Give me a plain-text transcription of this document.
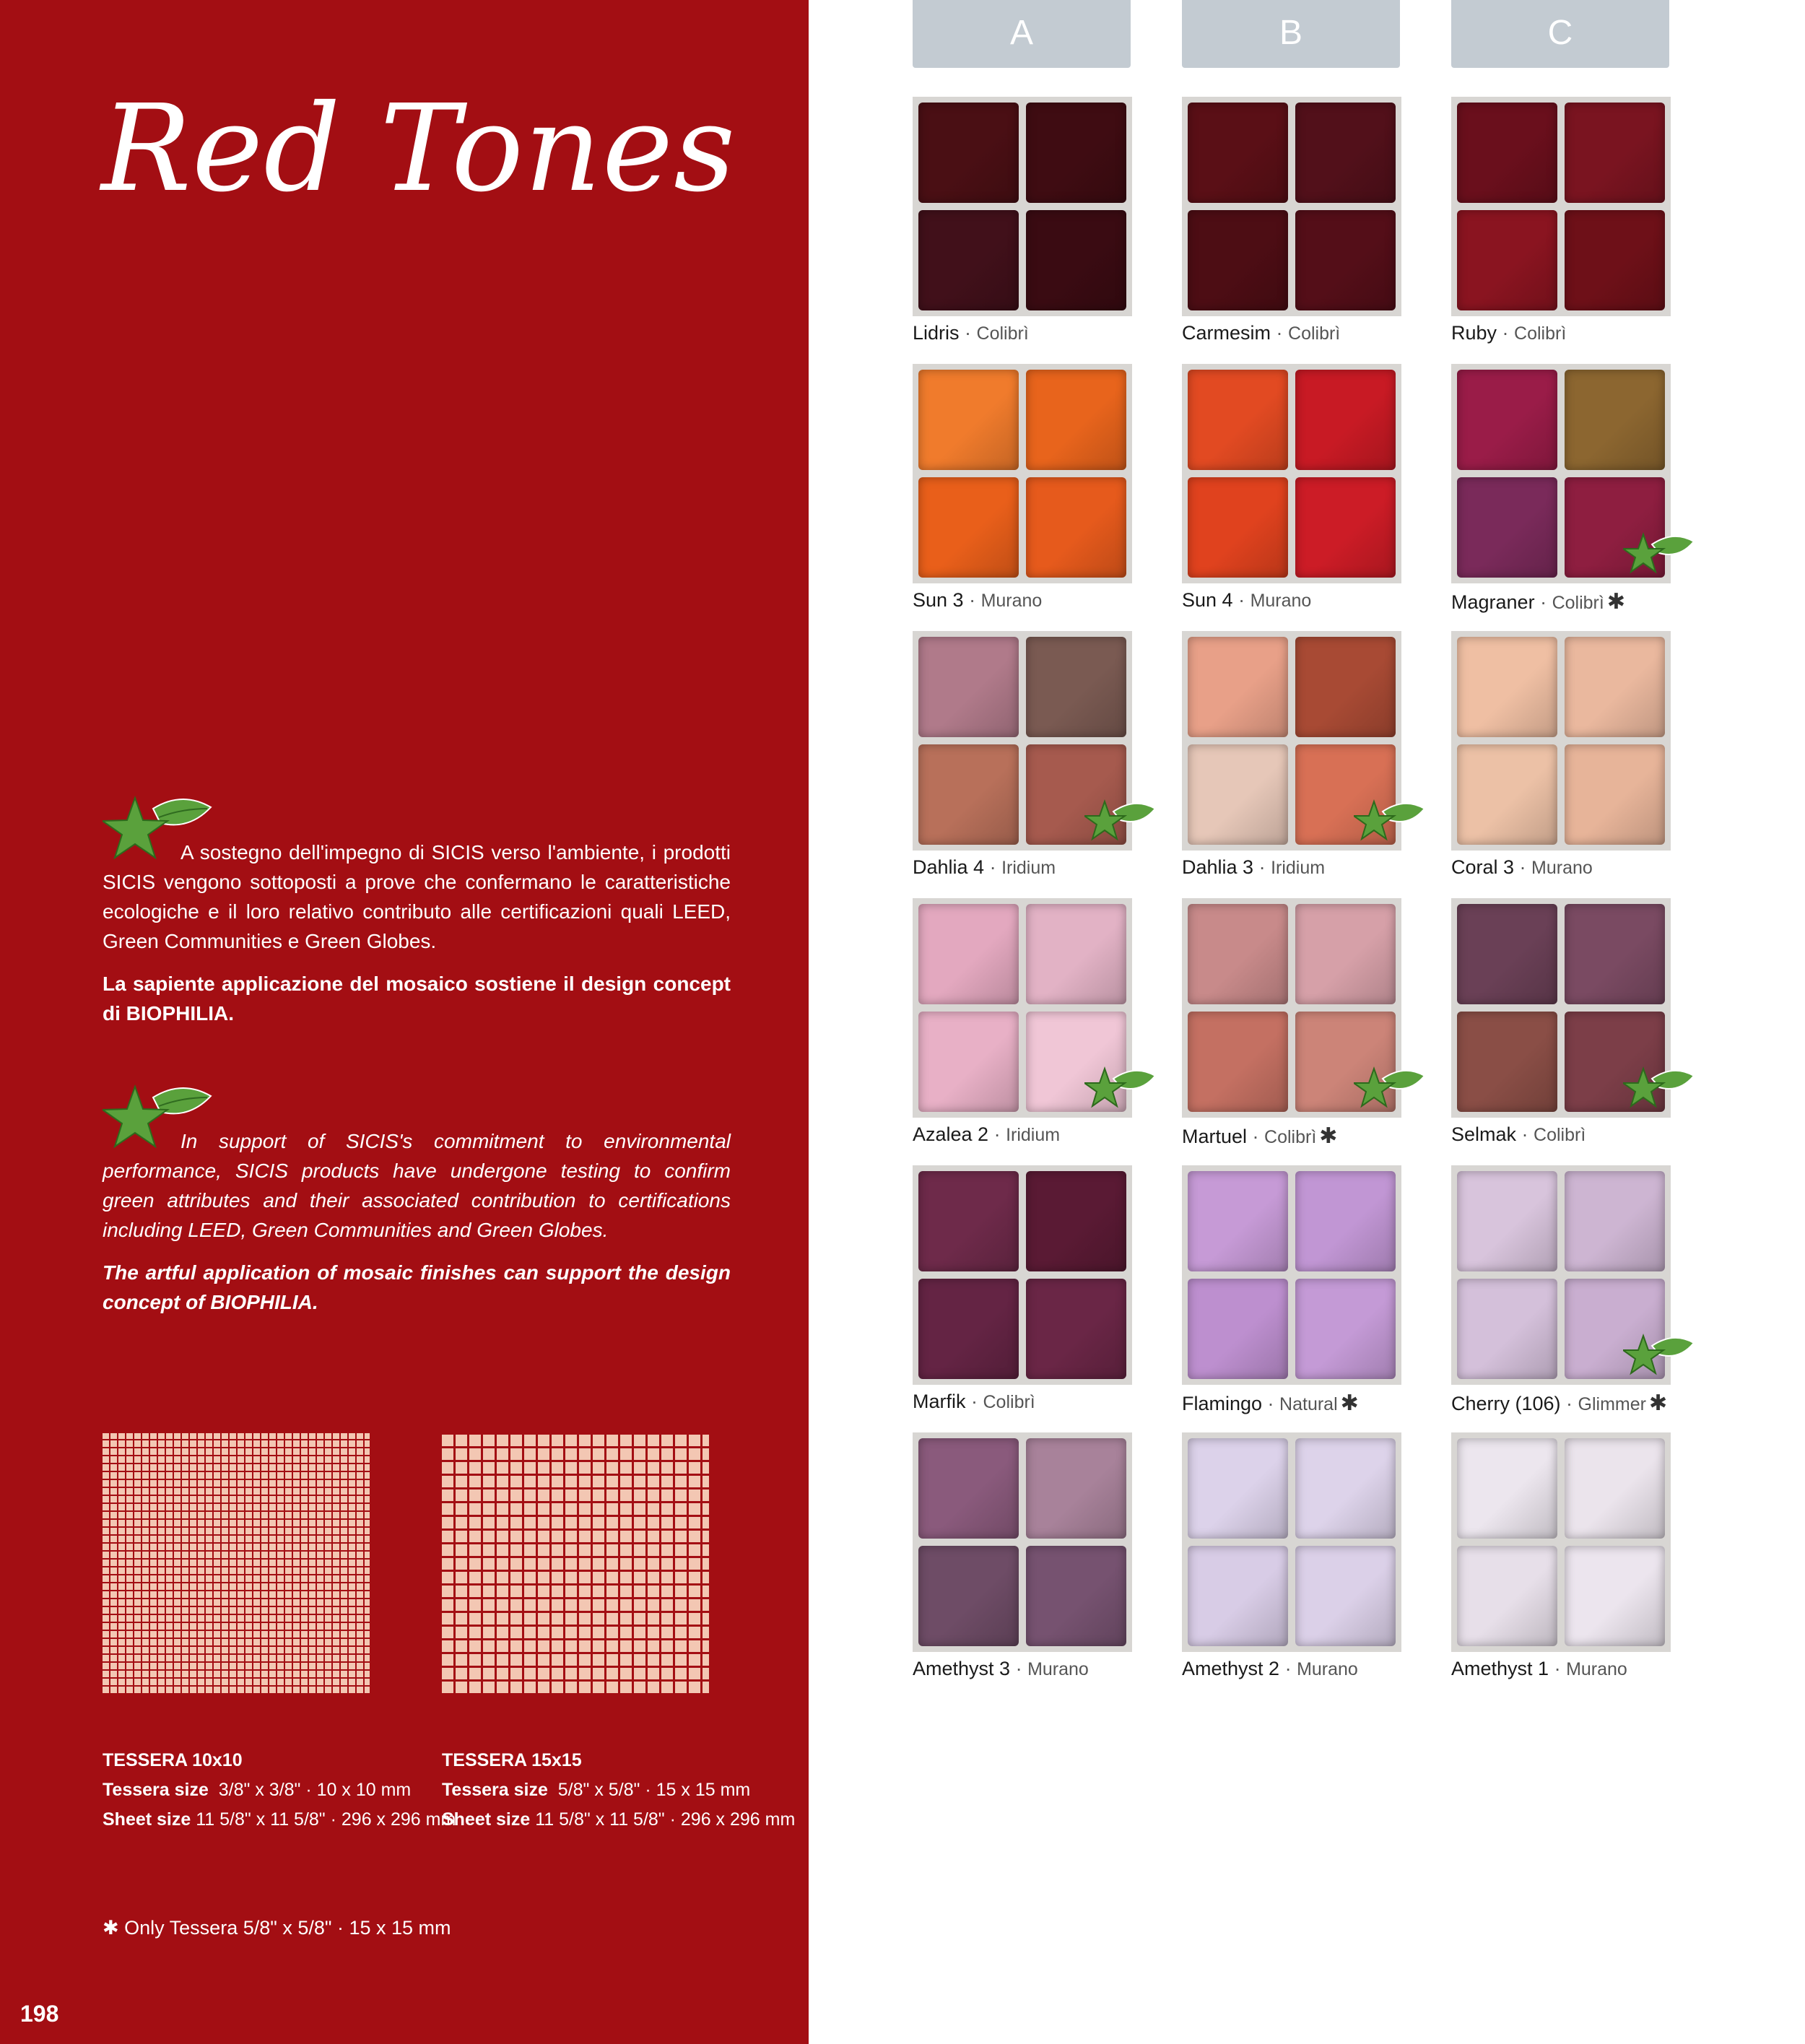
Red Tones

A sostegno dell'impegno di SICIS verso l'ambiente, i prodotti SICIS vengono sottoposti a prove che confermano le caratteristiche ecologiche e il loro relativo contributo alle certificazioni quali LEED, Green Communities e Green Globes.

La sapiente applicazione del mosaico sostiene il design concept di BIOPHILIA.

In support of SICIS's commitment to environmental performance, SICIS products have undergone testing to confirm green attributes and their associated contribution to certifications including LEED, Green Communities and Green Globes.

The artful application of mosaic finishes can support the design concept of BIOPHILIA.

TESSERA 10x10
Tessera size 3/8" x 3/8" · 10 x 10 mm
Sheet size 11 5/8" x 11 5/8" · 296 x 296 mm
TESSERA 15x15
Tessera size 5/8" x 5/8" · 15 x 15 mm
Sheet size 11 5/8" x 11 5/8" · 296 x 296 mm
✱ Only Tessera 5/8" x 5/8" · 15 x 15 mm
198
A	B	C
Lidris · Colibrì	Carmesim · Colibrì	Ruby · Colibrì
Sun 3 · Murano	Sun 4 · Murano	Magraner · Colibrì ✱
Dahlia 4 · Iridium	Dahlia 3 · Iridium	Coral 3 · Murano
Azalea 2 · Iridium	Martuel · Colibrì ✱	Selmak · Colibrì
Marfik · Colibrì	Flamingo · Natural ✱	Cherry (106) · Glimmer ✱
Amethyst 3 · Murano	Amethyst 2 · Murano	Amethyst 1 · Murano
